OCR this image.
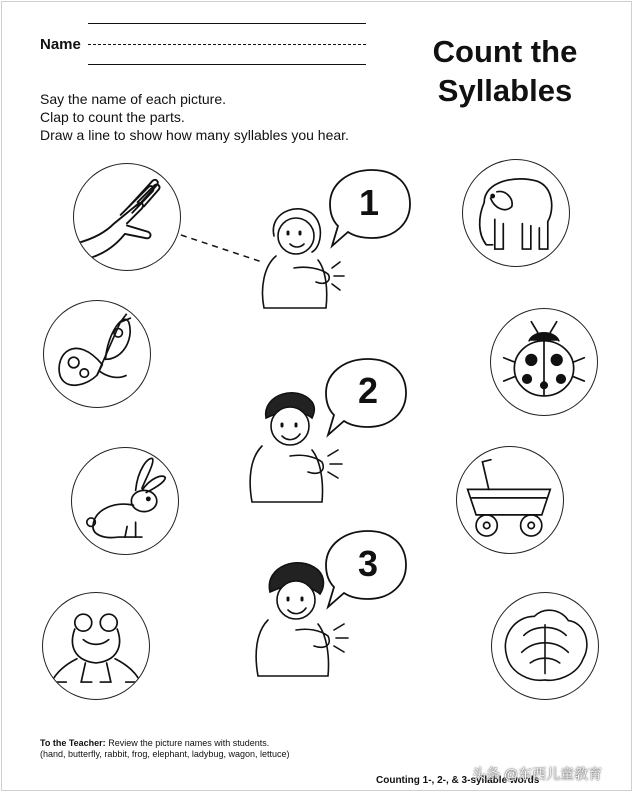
Name	Count the
Syllables
Say the name of each picture.
Clap to count the parts.
Draw a line to show how many syllables you hear.
1
2
3
To the Teacher: Review the picture names with students.
(hand, butterfly, rabbit, frog, elephant, ladybug, wagon, lettuce)
Counting 1-, 2-, & 3-syllable words
头条 @东西儿童教育
